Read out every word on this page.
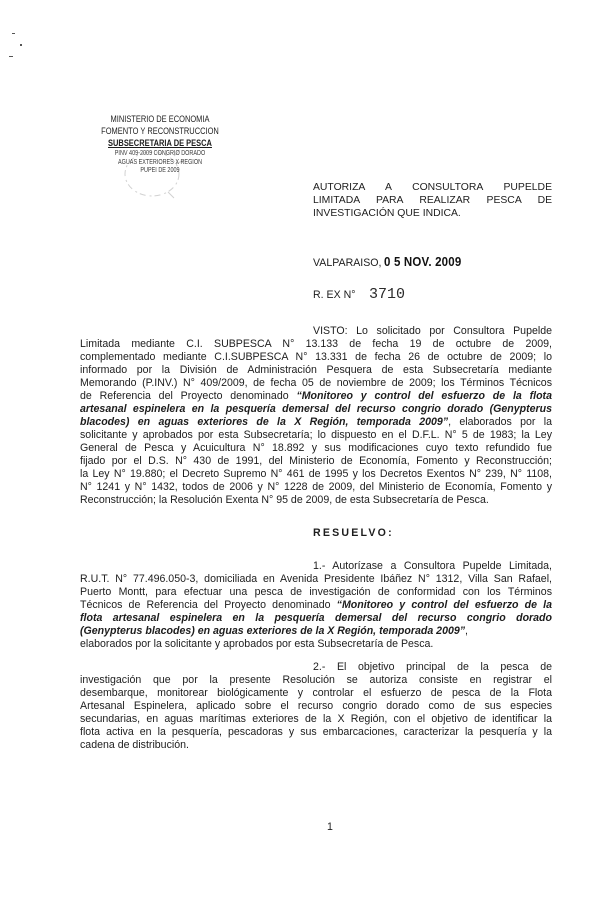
MINISTERIO DE ECONOMIA
FOMENTO Y RECONSTRUCCION
SUBSECRETARIA DE PESCA
PINV 409-2009 CONGRIO DORADO
AGUAS EXTERIORES X REGION
PUPEI DE 2009
AUTORIZA A CONSULTORA PUPELDE
LIMITADA PARA REALIZAR PESCA DE
INVESTIGACIÓN QUE INDICA.
VALPARAISO, 0 5 NOV. 2009
R. EX N° 3710
VISTO: Lo solicitado por Consultora Pupelde
Limitada mediante C.I. SUBPESCA N° 13.133 de fecha 19 de octubre de 2009,
complementado mediante C.I.SUBPESCA N° 13.331 de fecha 26 de octubre de 2009; lo
informado por la División de Administración Pesquera de esta Subsecretaría mediante
Memorando (P.INV.) N° 409/2009, de fecha 05 de noviembre de 2009; los Términos Técnicos
de Referencia del Proyecto denominado “Monitoreo y control del esfuerzo de la flota
artesanal espinelera en la pesquería demersal del recurso congrio dorado (Genypterus
blacodes) en aguas exteriores de la X Región, temporada 2009”, elaborados por la
solicitante y aprobados por esta Subsecretaría; lo dispuesto en el D.F.L. N° 5 de 1983; la Ley
General de Pesca y Acuicultura N° 18.892 y sus modificaciones cuyo texto refundido fue
fijado por el D.S. N° 430 de 1991, del Ministerio de Economía, Fomento y Reconstrucción;
la Ley N° 19.880; el Decreto Supremo N° 461 de 1995 y los Decretos Exentos N° 239, N° 1108,
N° 1241 y N° 1432, todos de 2006 y N° 1228 de 2009, del Ministerio de Economía, Fomento y
Reconstrucción; la Resolución Exenta N° 95 de 2009, de esta Subsecretaría de Pesca.
RESUELVO:
1.- Autorízase a Consultora Pupelde Limitada,
R.U.T. N° 77.496.050-3, domiciliada en Avenida Presidente Ibáñez N° 1312, Villa San Rafael,
Puerto Montt, para efectuar una pesca de investigación de conformidad con los Términos
Técnicos de Referencia del Proyecto denominado “Monitoreo y control del esfuerzo de la
flota artesanal espinelera en la pesquería demersal del recurso congrio dorado
(Genypterus blacodes) en aguas exteriores de la X Región, temporada 2009”,
elaborados por la solicitante y aprobados por esta Subsecretaría de Pesca.
2.- El objetivo principal de la pesca de
investigación que por la presente Resolución se autoriza consiste en registrar el
desembarque, monitorear biológicamente y controlar el esfuerzo de pesca de la Flota
Artesanal Espinelera, aplicado sobre el recurso congrio dorado como de sus especies
secundarias, en aguas marítimas exteriores de la X Región, con el objetivo de identificar la
flota activa en la pesquería, pescadoras y sus embarcaciones, caracterizar la pesquería y la
cadena de distribución.
1
